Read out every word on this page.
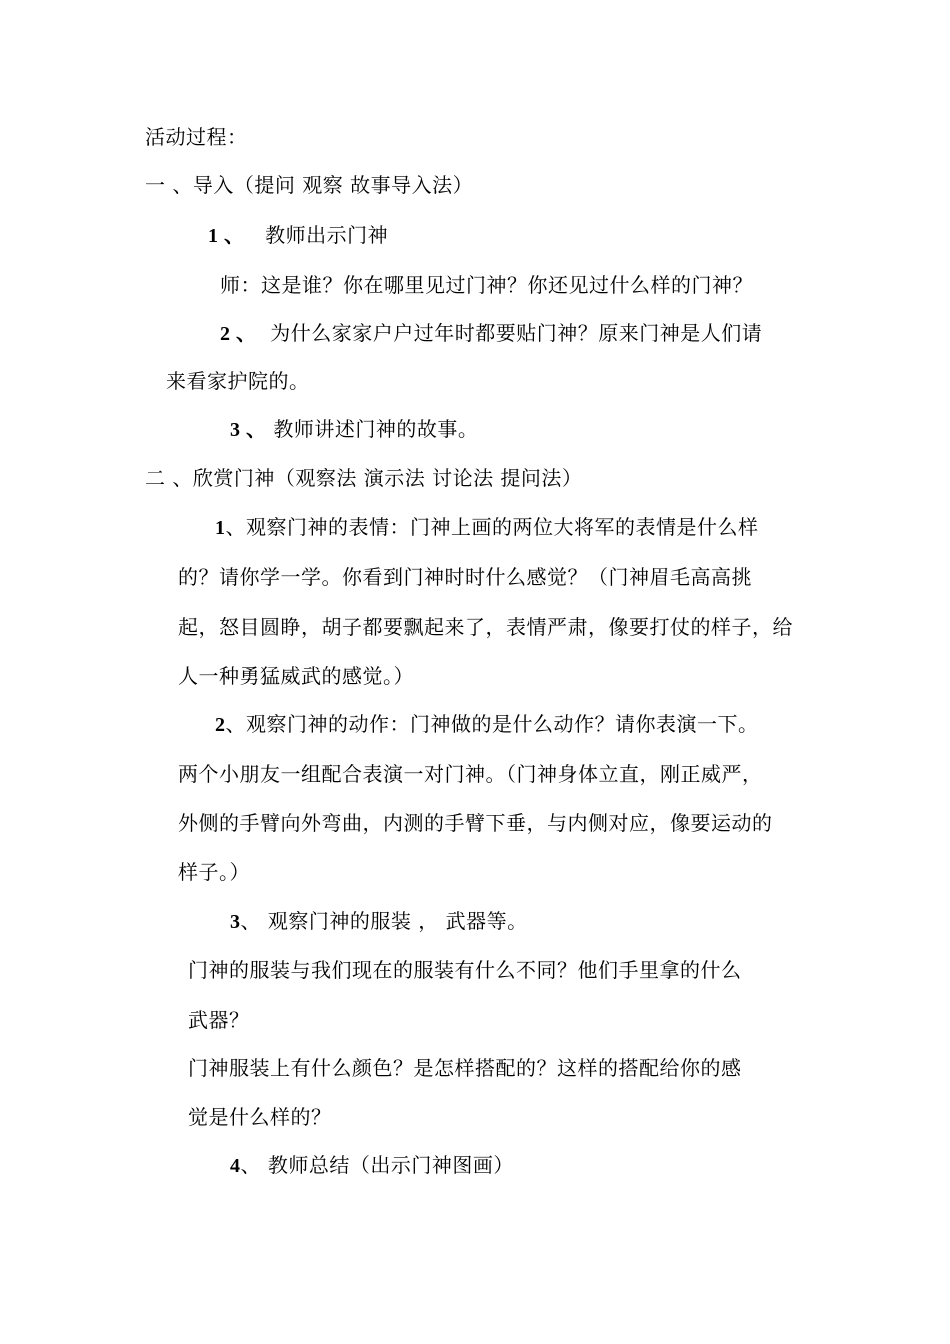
活动过程：
一 、导入（提问 观察 故事导入法）
1 、 教师出示门神
师：这是谁？你在哪里见过门神？你还见过什么样的门神？
2 、 为什么家家户户过年时都要贴门神？原来门神是人们请
来看家护院的。
3 、 教师讲述门神的故事。
二 、欣赏门神（观察法 演示法 讨论法 提问法）
1、观察门神的表情：门神上画的两位大将军的表情是什么样
的？请你学一学。你看到门神时时什么感觉？（门神眉毛高高挑
起，怒目圆睁，胡子都要飘起来了，表情严肃，像要打仗的样子，给
人一种勇猛威武的感觉。）
2、观察门神的动作：门神做的是什么动作？请你表演一下。
两个小朋友一组配合表演一对门神。（门神身体立直，刚正威严，
外侧的手臂向外弯曲，内测的手臂下垂，与内侧对应，像要运动的
样子。）
3、 观察门神的服装 ， 武器等。
门神的服装与我们现在的服装有什么不同？他们手里拿的什么
武器？
门神服装上有什么颜色？是怎样搭配的？这样的搭配给你的感
觉是什么样的？
4、 教师总结（出示门神图画）
